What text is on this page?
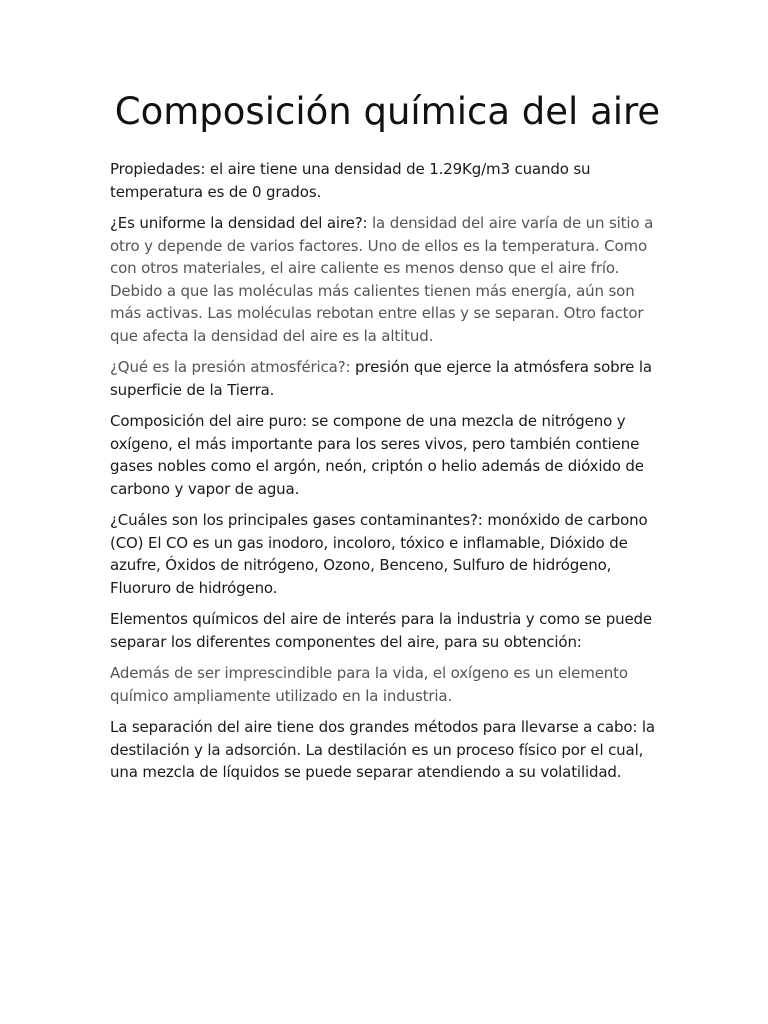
Composición química del aire

Propiedades: el aire tiene una densidad de 1.29Kg/m3 cuando su temperatura es de 0 grados.

¿Es uniforme la densidad del aire?: la densidad del aire varía de un sitio a otro y depende de varios factores. Uno de ellos es la temperatura. Como con otros materiales, el aire caliente es menos denso que el aire frío. Debido a que las moléculas más calientes tienen más energía, aún son más activas. Las moléculas rebotan entre ellas y se separan. Otro factor que afecta la densidad del aire es la altitud.

¿Qué es la presión atmosférica?: presión que ejerce la atmósfera sobre la superficie de la Tierra.

Composición del aire puro: se compone de una mezcla de nitrógeno y oxígeno, el más importante para los seres vivos, pero también contiene gases nobles como el argón, neón, criptón o helio además de dióxido de carbono y vapor de agua.

¿Cuáles son los principales gases contaminantes?: monóxido de carbono (CO) El CO es un gas inodoro, incoloro, tóxico e inflamable, Dióxido de azufre, Óxidos de nitrógeno, Ozono, Benceno, Sulfuro de hidrógeno, Fluoruro de hidrógeno.

Elementos químicos del aire de interés para la industria y como se puede separar los diferentes componentes del aire, para su obtención:

Además de ser imprescindible para la vida, el oxígeno es un elemento químico ampliamente utilizado en la industria.

La separación del aire tiene dos grandes métodos para llevarse a cabo: la destilación y la adsorción. La destilación es un proceso físico por el cual, una mezcla de líquidos se puede separar atendiendo a su volatilidad.
